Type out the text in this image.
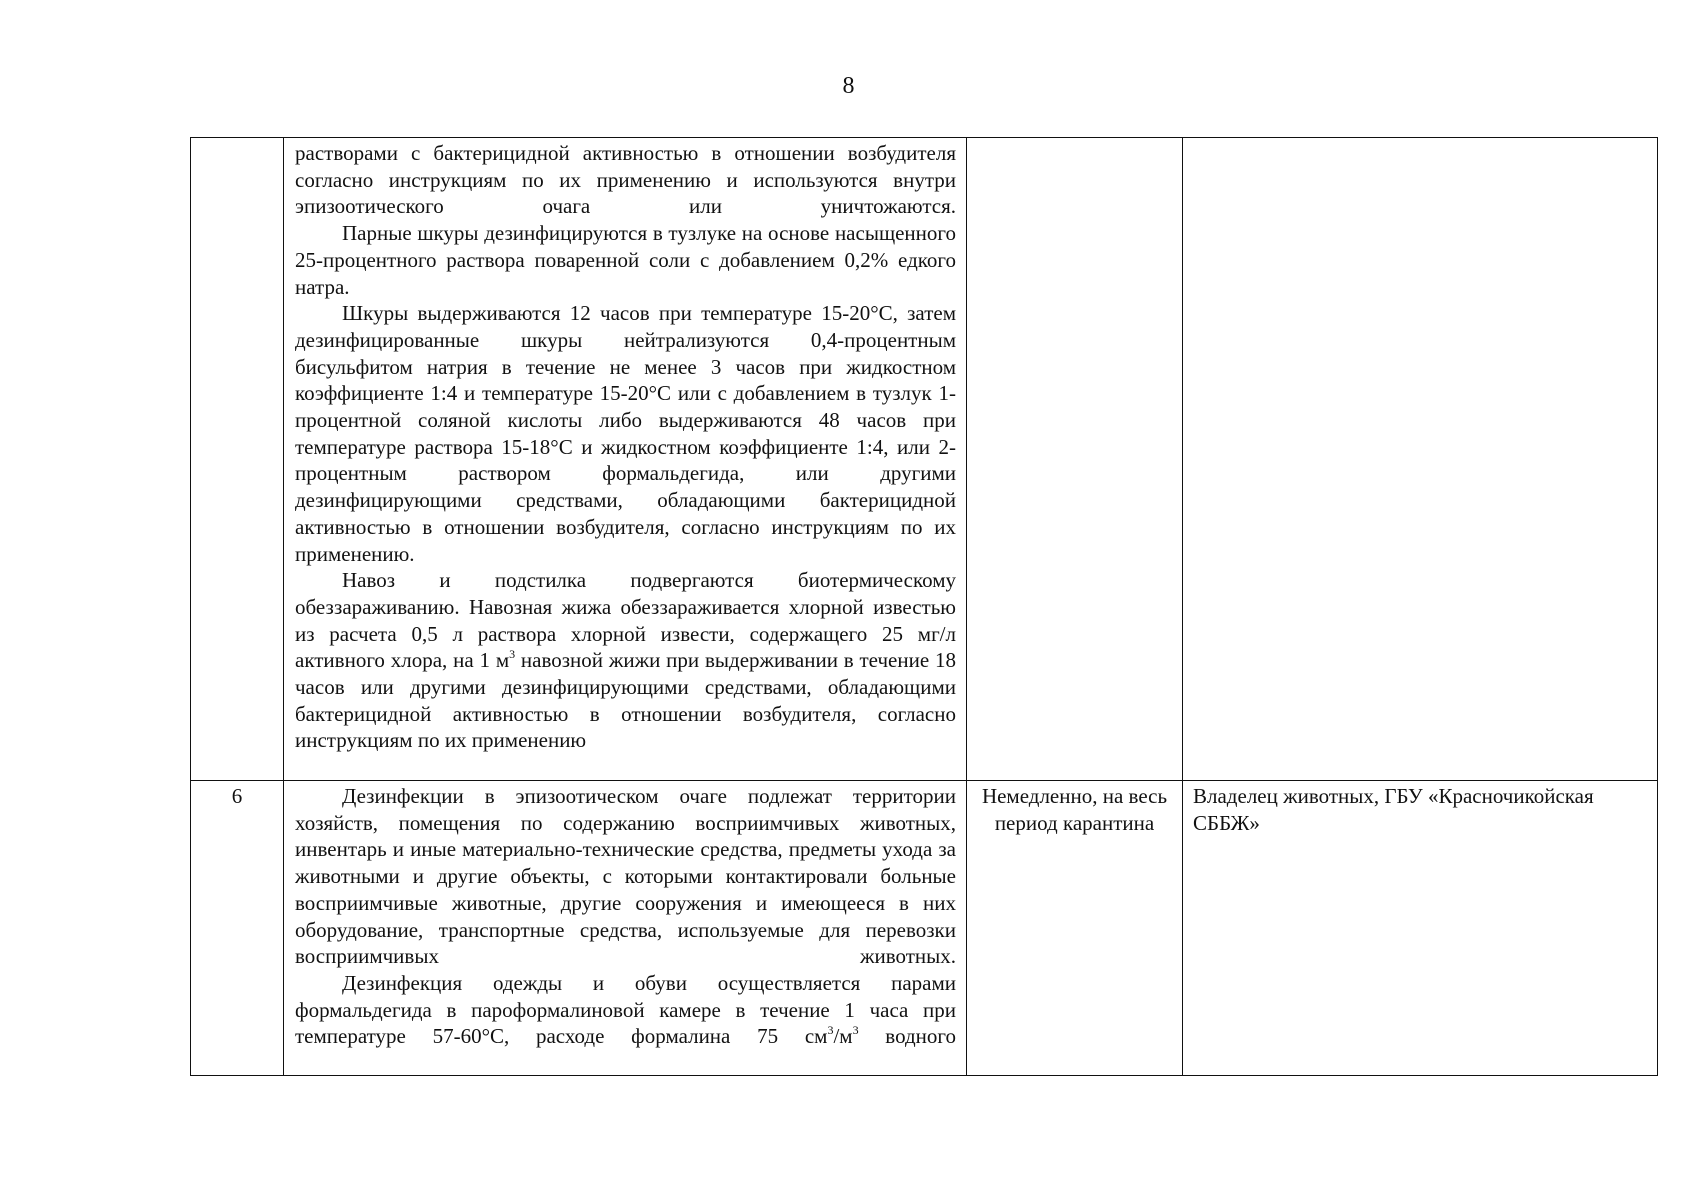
8

	растворами с бактерицидной активностью в отношении возбудителя согласно инструкциям по их применению и используются внутри эпизоотического очага или уничтожаются.

Парные шкуры дезинфицируются в тузлуке на основе насыщенного 25-процентного раствора поваренной соли с добавлением 0,2% едкого натра.

Шкуры выдерживаются 12 часов при температуре 15-20°С, затем дезинфицированные шкуры нейтрализуются 0,4-процентным бисульфитом натрия в течение не менее 3 часов при жидкостном коэффициенте 1:4 и температуре 15-20°С или с добавлением в тузлук 1-процентной соляной кислоты либо выдерживаются 48 часов при температуре раствора 15-18°С и жидкостном коэффициенте 1:4, или 2-процентным раствором формальдегида, или другими дезинфицирующими средствами, обладающими бактерицидной активностью в отношении возбудителя, согласно инструкциям по их применению.

Навоз и подстилка подвергаются биотермическому обеззараживанию. Навозная жижа обеззараживается хлорной известью из расчета 0,5 л раствора хлорной извести, содержащего 25 мг/л активного хлора, на 1 $м^3$ навозной жижи при выдерживании в течение 18 часов или другими дезинфицирующими средствами, обладающими бактерицидной активностью в отношении возбудителя, согласно инструкциям по их применению		

6	Дезинфекции в эпизоотическом очаге подлежат территории хозяйств, помещения по содержанию восприимчивых животных, инвентарь и иные материально-технические средства, предметы ухода за животными и другие объекты, с которыми контактировали больные восприимчивые животные, другие сооружения и имеющееся в них оборудование, транспортные средства, используемые для перевозки восприимчивых животных.

Дезинфекция одежды и обуви осуществляется парами формальдегида в пароформалиновой камере в течение 1 часа при температуре 57-60°С, расходе формалина 75 $см^3/м^3$ водного	Немедленно, на весь период карантина	Владелец животных, ГБУ «Красночикойская СББЖ»
